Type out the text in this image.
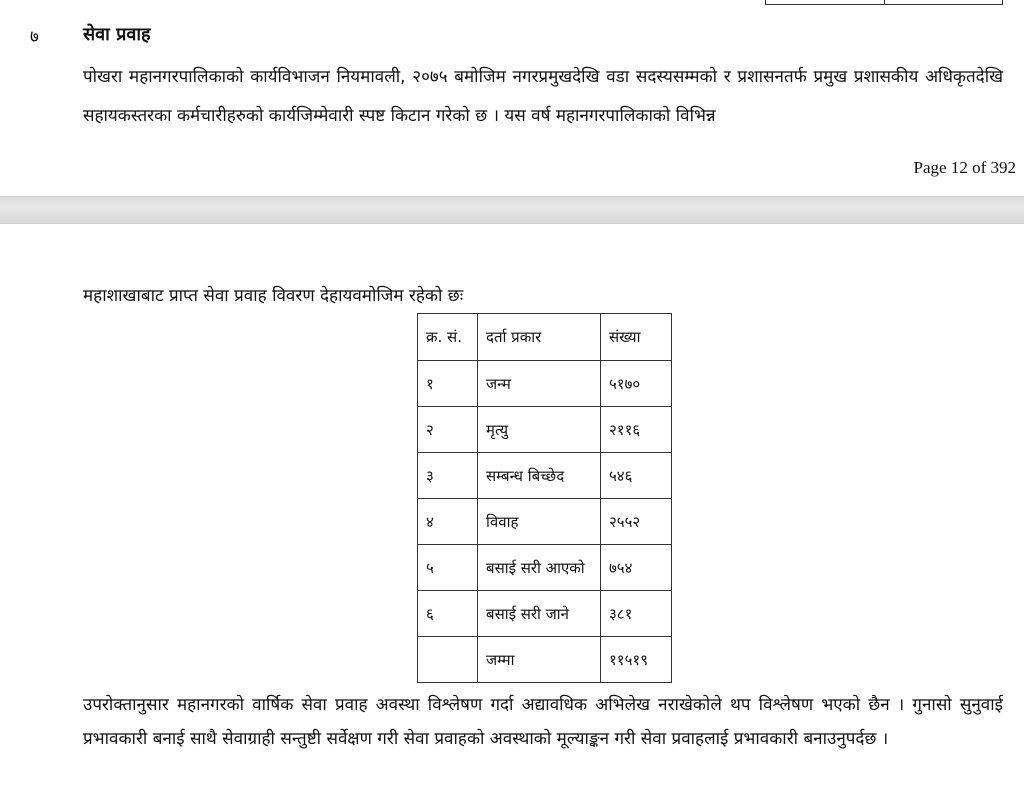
७ सेवा प्रवाह
पोखरा महानगरपालिकाको कार्यविभाजन नियमावली, २०७५ बमोजिम नगरप्रमुखदेखि वडा सदस्यसम्मको र प्रशासनतर्फ प्रमुख प्रशासकीय अधिकृतदेखि सहायकस्तरका कर्मचारीहरुको कार्यजिम्मेवारी स्पष्ट किटान गरेको छ । यस वर्ष महानगरपालिकाको विभिन्न
Page 12 of 392
महाशाखाबाट प्राप्त सेवा प्रवाह विवरण देहायवमोजिम रहेको छः
क्र. सं.	दर्ता प्रकार	संख्या
१	जन्म	५१७०
२	मृत्यु	२११६
३	सम्बन्ध बिच्छेद	५४६
४	विवाह	२५५२
५	बसाई सरी आएको	७५४
६	बसाई सरी जाने	३८१
	जम्मा	११५१९
उपरोक्तानुसार महानगरको वार्षिक सेवा प्रवाह अवस्था विश्लेषण गर्दा अद्यावधिक अभिलेख नराखेकोले थप विश्लेषण भएको छैन । गुनासो सुनुवाई प्रभावकारी बनाई साथै सेवाग्राही सन्तुष्टी सर्वेक्षण गरी सेवा प्रवाहको अवस्थाको मूल्याङ्कन गरी सेवा प्रवाहलाई प्रभावकारी बनाउनुपर्दछ ।
